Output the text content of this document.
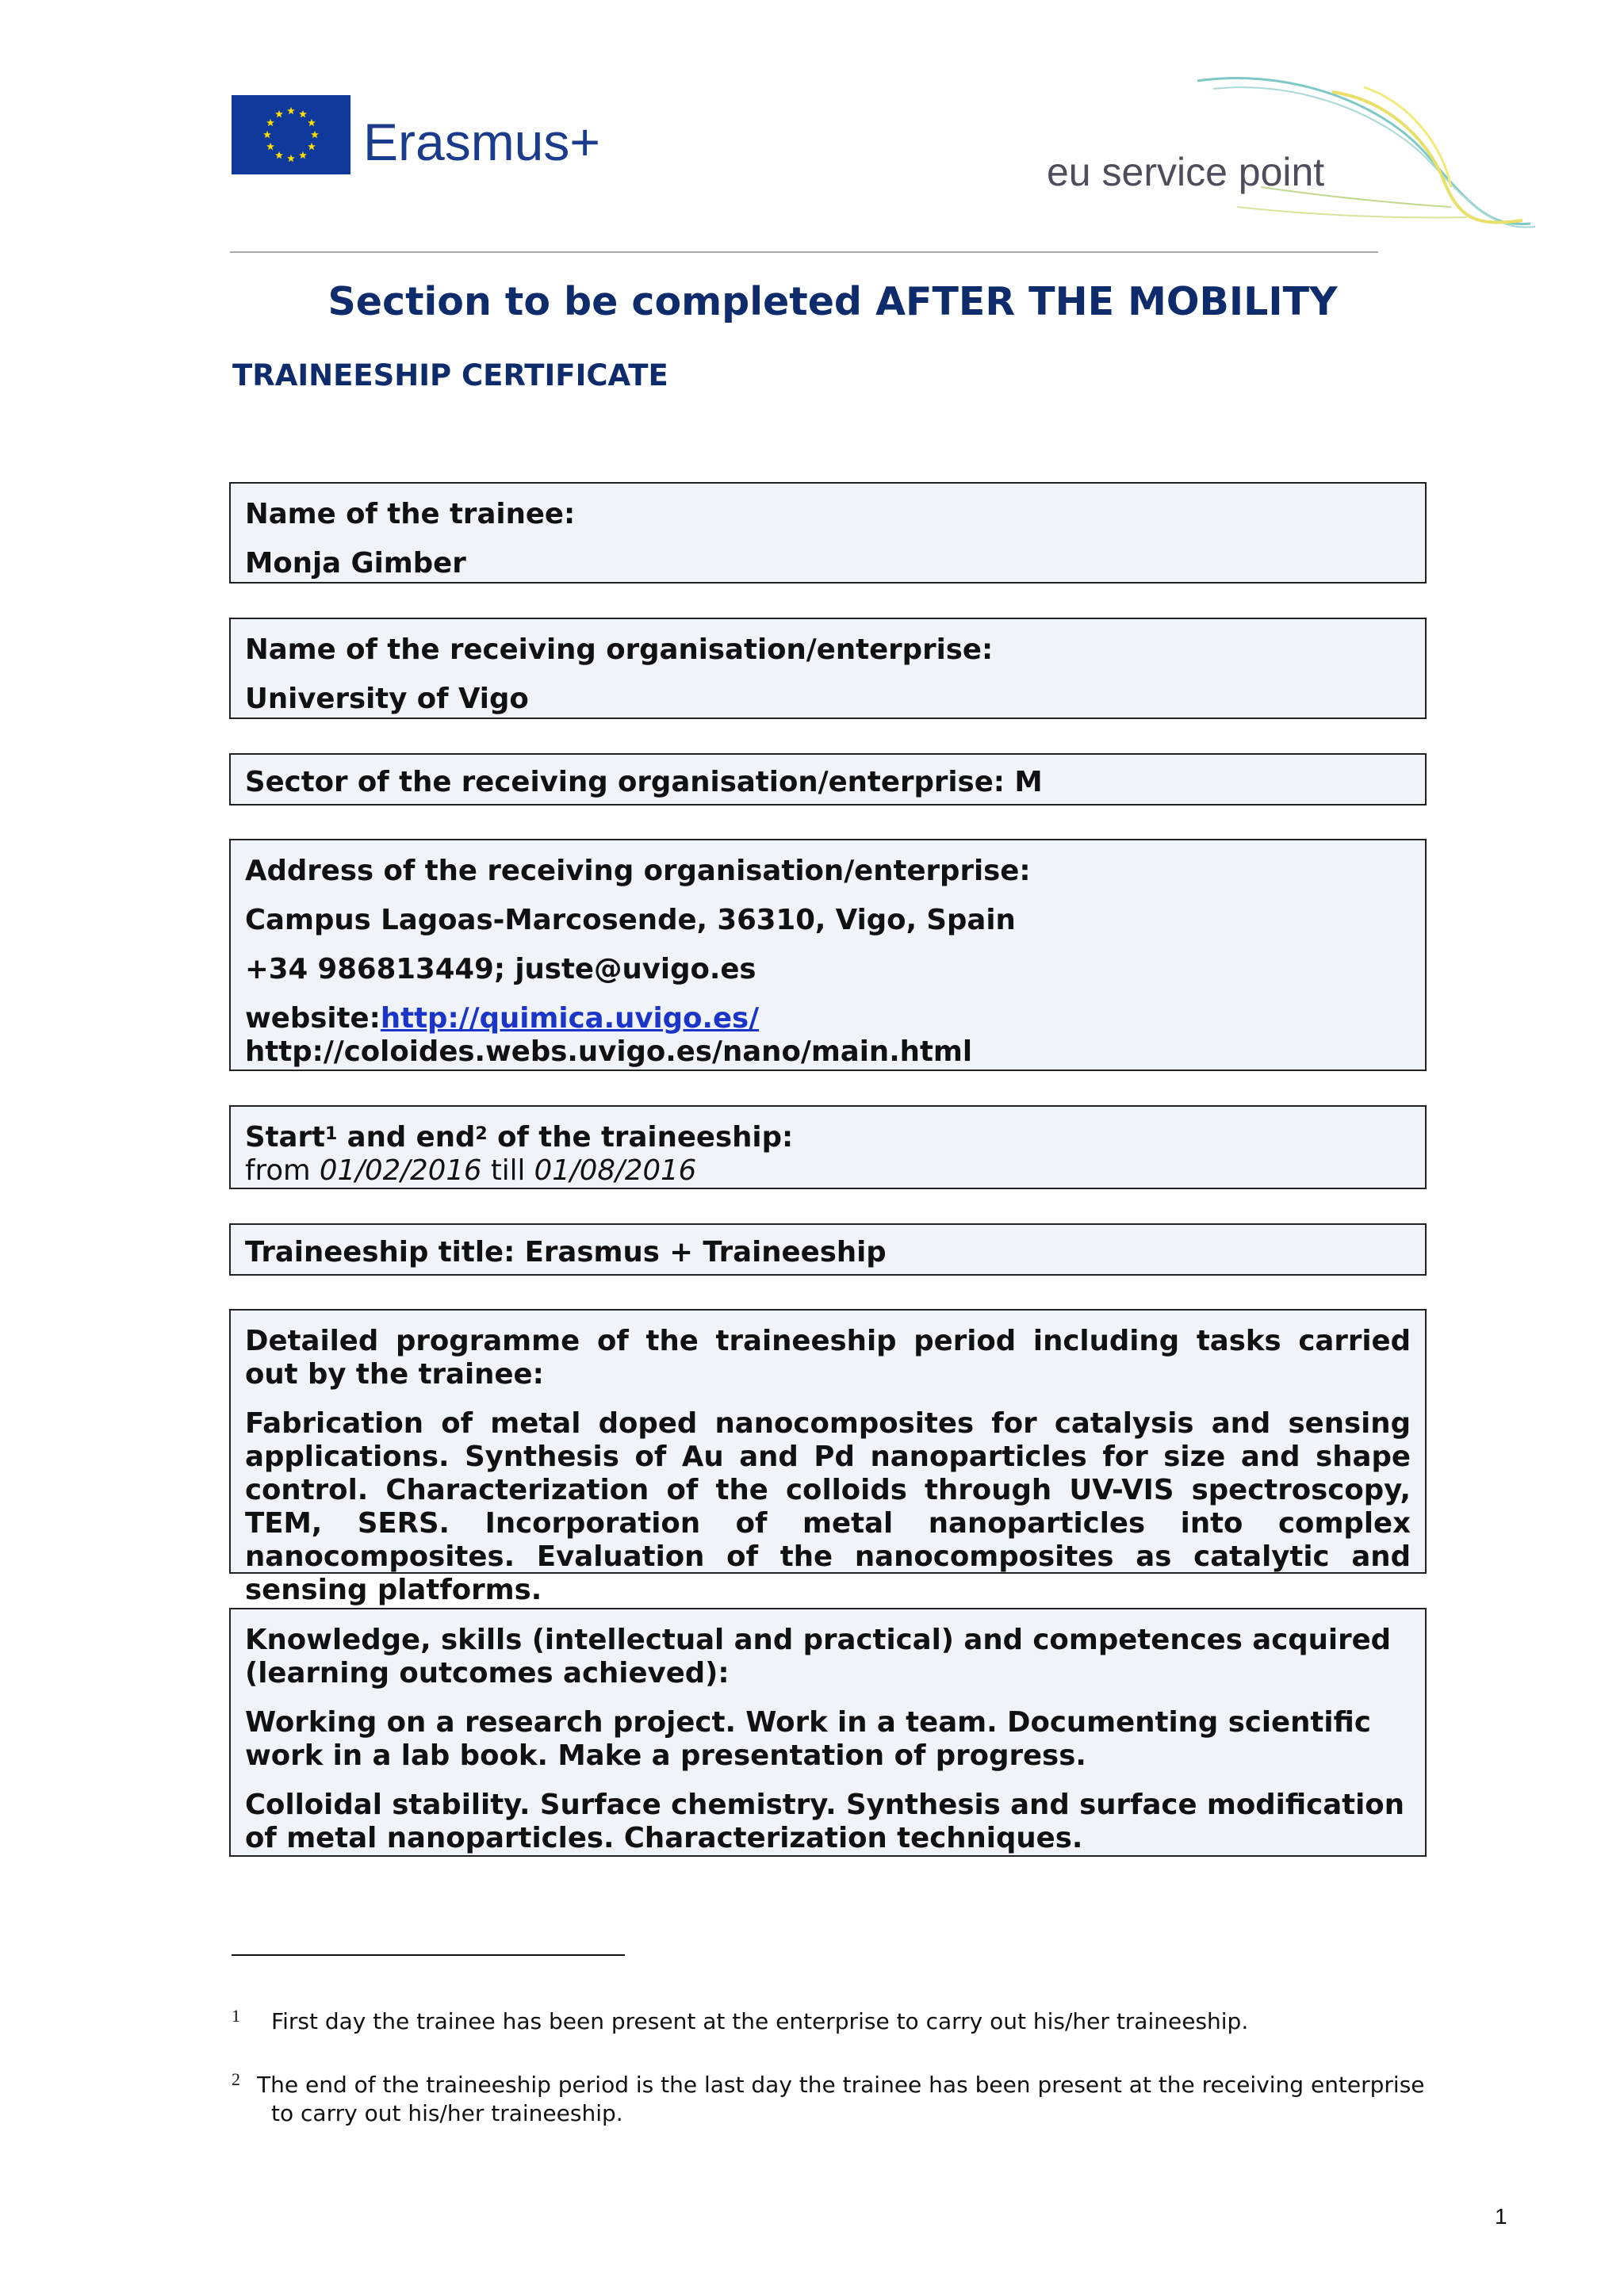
Erasmus+
eu service point
Section to be completed AFTER THE MOBILITY
TRAINEESHIP CERTIFICATE
Name of the trainee:
Monja Gimber
Name of the receiving organisation/enterprise:
University of Vigo
Sector of the receiving organisation/enterprise: M
Address of the receiving organisation/enterprise:
Campus Lagoas-Marcosende, 36310, Vigo, Spain
+34 986813449; juste@uvigo.es
website:http://quimica.uvigo.es/
http://coloides.webs.uvigo.es/nano/main.html
Start$^1$ and end$^2$ of the traineeship:
from 01/02/2016 till 01/08/2016
Traineeship title: Erasmus + Traineeship
Detailed programme of the traineeship period including tasks carried out by the trainee:
Fabrication of metal doped nanocomposites for catalysis and sensing applications. Synthesis of Au and Pd nanoparticles for size and shape control. Characterization of the colloids through UV-VIS spectroscopy, TEM, SERS. Incorporation of metal nanoparticles into complex nanocomposites. Evaluation of the nanocomposites as catalytic and sensing platforms.
Knowledge, skills (intellectual and practical) and competences acquired (learning outcomes achieved):
Working on a research project. Work in a team. Documenting scientific work in a lab book. Make a presentation of progress.
Colloidal stability. Surface chemistry. Synthesis and surface modification of metal nanoparticles. Characterization techniques.
1 First day the trainee has been present at the enterprise to carry out his/her traineeship.
2 The end of the traineeship period is the last day the trainee has been present at the receiving enterprise
to carry out his/her traineeship.
1
